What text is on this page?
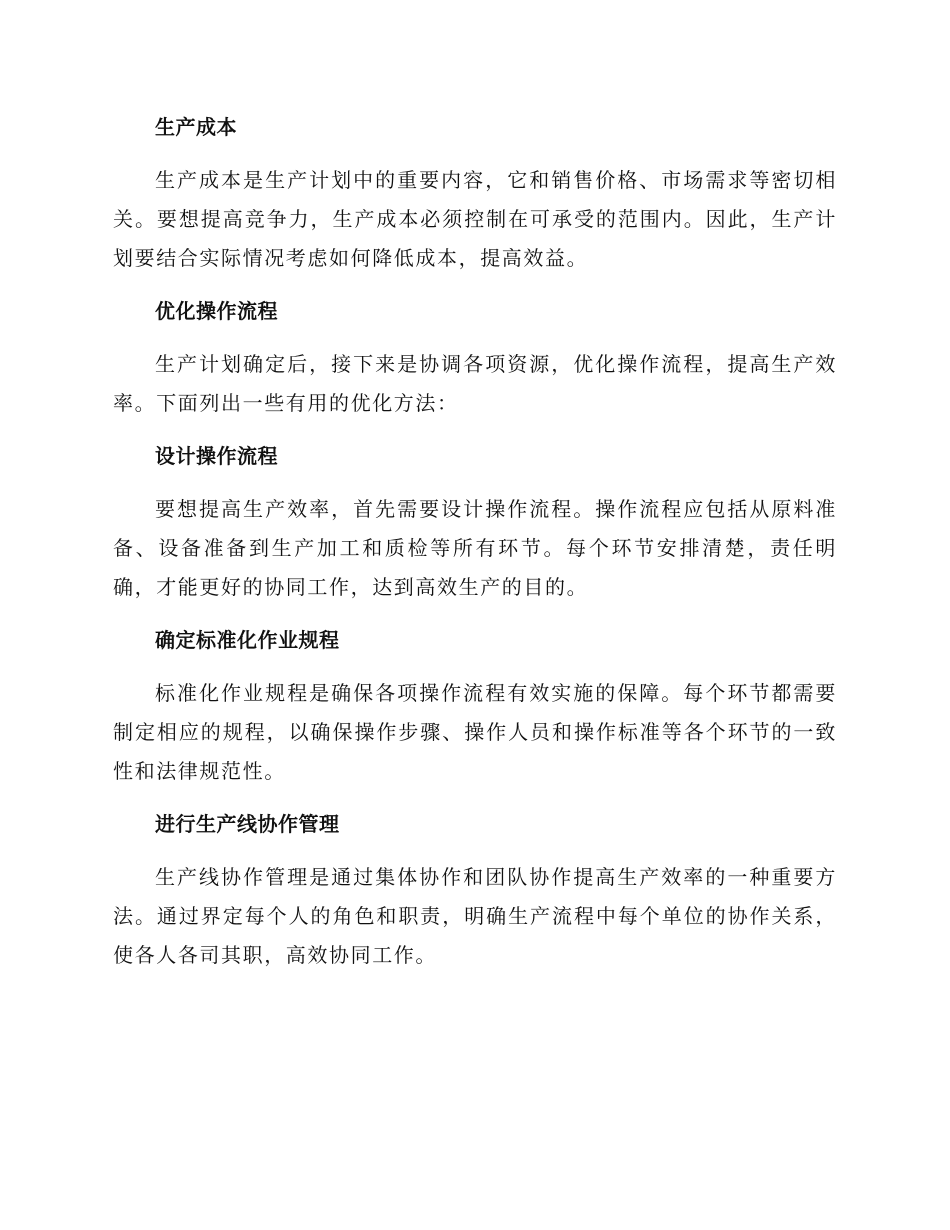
生产成本

生产成本是生产计划中的重要内容，它和销售价格、市场需求等密切相关。要想提高竞争力，生产成本必须控制在可承受的范围内。因此，生产计划要结合实际情况考虑如何降低成本，提高效益。

优化操作流程

生产计划确定后，接下来是协调各项资源，优化操作流程，提高生产效率。下面列出一些有用的优化方法：

设计操作流程

要想提高生产效率，首先需要设计操作流程。操作流程应包括从原料准备、设备准备到生产加工和质检等所有环节。每个环节安排清楚，责任明确，才能更好的协同工作，达到高效生产的目的。

确定标准化作业规程

标准化作业规程是确保各项操作流程有效实施的保障。每个环节都需要制定相应的规程，以确保操作步骤、操作人员和操作标准等各个环节的一致性和法律规范性。

进行生产线协作管理

生产线协作管理是通过集体协作和团队协作提高生产效率的一种重要方法。通过界定每个人的角色和职责，明确生产流程中每个单位的协作关系，使各人各司其职，高效协同工作。
